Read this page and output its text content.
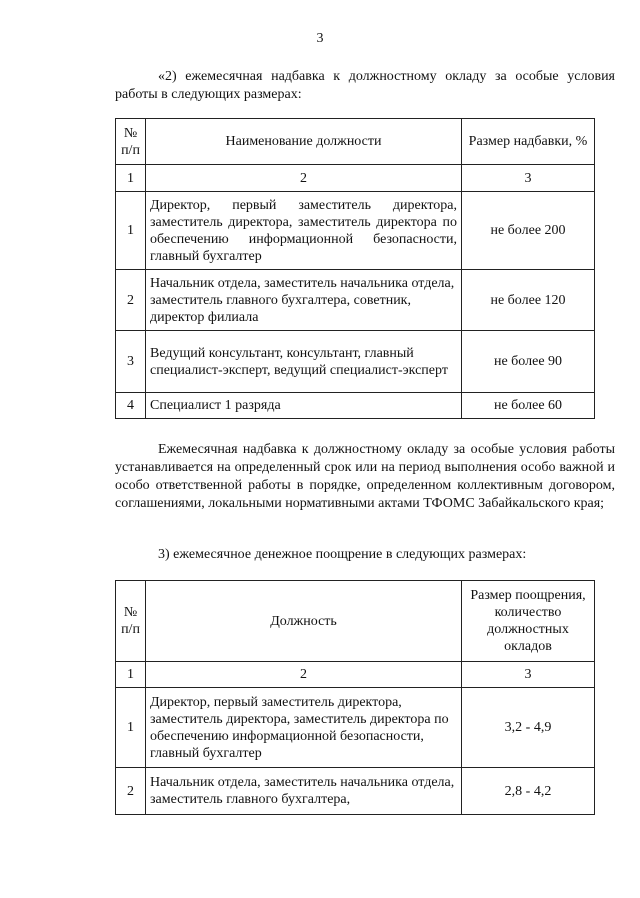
3
«2) ежемесячная надбавка к должностному окладу за особые условия работы в следующих размерах:
№ п/п	Наименование должности	Размер надбавки, %
1	2	3
1	Директор, первый заместитель директора, заместитель директора, заместитель директора по обеспечению информационной безопасности, главный бухгалтер	не более 200
2	Начальник отдела, заместитель начальника отдела, заместитель главного бухгалтера, советник, директор филиала	не более 120
3	Ведущий консультант, консультант, главный специалист-эксперт, ведущий специалист-эксперт	не более 90
4	Специалист 1 разряда	не более 60
Ежемесячная надбавка к должностному окладу за особые условия работы устанавливается на определенный срок или на период выполнения особо важной и особо ответственной работы в порядке, определенном коллективным договором, соглашениями, локальными нормативными актами ТФОМС Забайкальского края;
3) ежемесячное денежное поощрение в следующих размерах:
№ п/п	Должность	Размер поощрения, количество должностных окладов
1	2	3
1	Директор, первый заместитель директора, заместитель директора, заместитель директора по обеспечению информационной безопасности, главный бухгалтер	3,2 - 4,9
2	Начальник отдела, заместитель начальника отдела, заместитель главного бухгалтера,	2,8 - 4,2
